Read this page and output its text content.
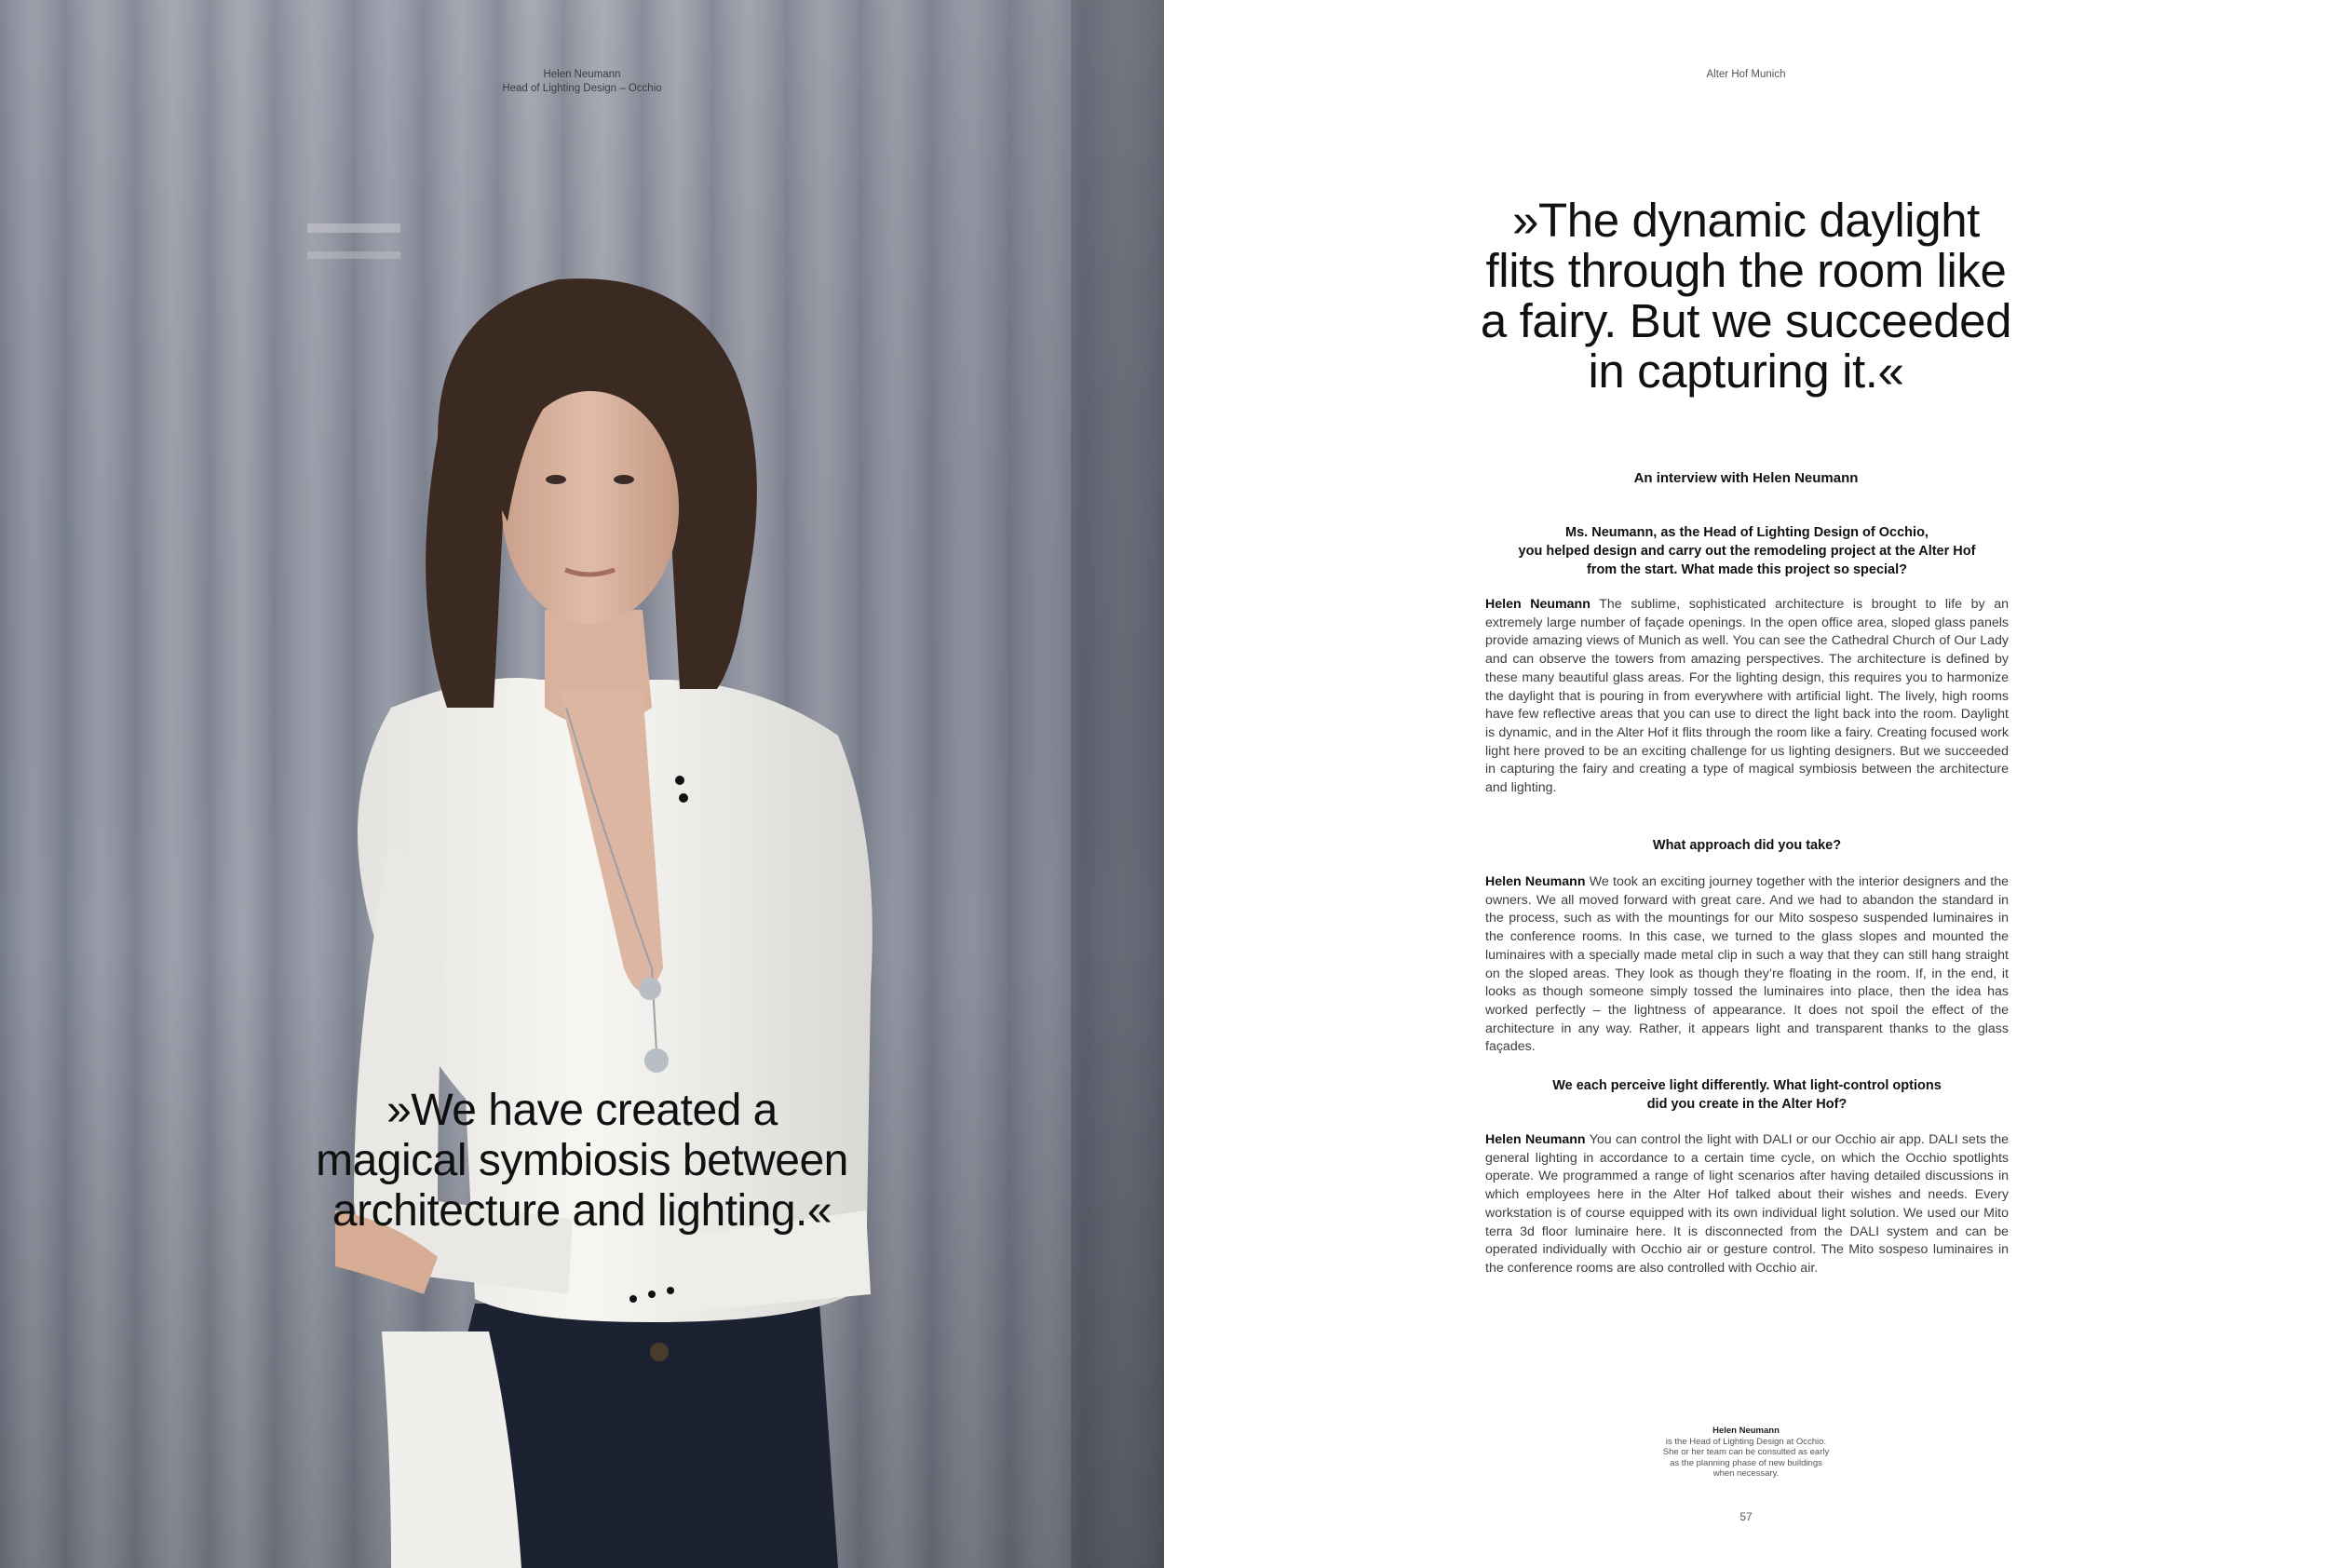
Helen Neumann
Head of Lighting Design – Occhio
»We have created a
magical symbiosis between
architecture and lighting.«
Alter Hof Munich
»The dynamic daylight
flits through the room like
a fairy. But we succeeded
in capturing it.«
An interview with Helen Neumann

Ms. Neumann, as the Head of Lighting Design of Occhio,

you helped design and carry out the remodeling project at the Alter Hof

from the start. What made this project so special?

Helen Neumann The sublime, sophisticated architecture is brought to life by an extremely large number of façade openings. In the open office area, sloped glass panels provide amazing views of Munich as well. You can see the Cathedral Church of Our Lady and can observe the towers from amazing perspectives. The architecture is defined by these many beautiful glass areas. For the lighting design, this requires you to harmonize the daylight that is pouring in from everywhere with artificial light. The lively, high rooms have few reflective areas that you can use to direct the light back into the room. Daylight is dynamic, and in the Alter Hof it flits through the room like a fairy. Creating focused work light here proved to be an exciting challenge for us lighting designers. But we succeeded in capturing the fairy and creating a type of magical symbiosis between the architecture and lighting.

What approach did you take?

Helen Neumann We took an exciting journey together with the interior designers and the owners. We all moved forward with great care. And we had to abandon the standard in the process, such as with the mountings for our Mito sospeso suspended luminaires in the conference rooms. In this case, we turned to the glass slopes and mounted the luminaires with a specially made metal clip in such a way that they can still hang straight on the sloped areas. They look as though they’re floating in the room. If, in the end, it looks as though someone simply tossed the luminaires into place, then the idea has worked perfectly – the lightness of appearance. It does not spoil the effect of the architecture in any way. Rather, it appears light and transparent thanks to the glass façades.

We each perceive light differently. What light-control options

did you create in the Alter Hof?

Helen Neumann You can control the light with DALI or our Occhio air app. DALI sets the general lighting in accordance to a certain time cycle, on which the Occhio spotlights operate. We programmed a range of light scenarios after having detailed discussions in which employees here in the Alter Hof talked about their wishes and needs. Every workstation is of course equipped with its own individual light solution. We used our Mito terra 3d floor luminaire here. It is disconnected from the DALI system and can be operated individually with Occhio air or gesture control. The Mito sospeso luminaires in the conference rooms are also controlled with Occhio air.

Helen Neumann
is the Head of Lighting Design at Occhio.
She or her team can be consulted as early
as the planning phase of new buildings
when necessary.
57
